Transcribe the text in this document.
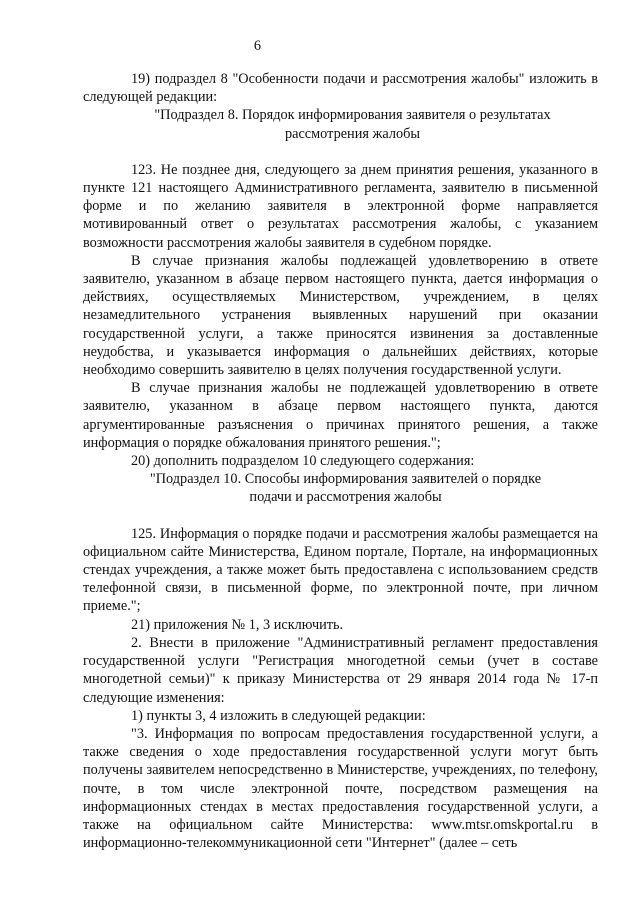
6

19) подраздел 8 "Особенности подачи и рассмотрения жалобы" изложить в следующей редакции:

"Подраздел 8. Порядок информирования заявителя о результатах

рассмотрения жалобы

123. Не позднее дня, следующего за днем принятия решения, указанного в пункте 121 настоящего Административного регламента, заявителю в письменной форме и по желанию заявителя в электронной форме направляется мотивированный ответ о результатах рассмотрения жалобы, с указанием возможности рассмотрения жалобы заявителя в судебном порядке.

В случае признания жалобы подлежащей удовлетворению в ответе заявителю, указанном в абзаце первом настоящего пункта, дается информация о действиях, осуществляемых Министерством, учреждением, в целях незамедлительного устранения выявленных нарушений при оказании государственной услуги, а также приносятся извинения за доставленные неудобства, и указывается информация о дальнейших действиях, которые необходимо совершить заявителю в целях получения государственной услуги.

В случае признания жалобы не подлежащей удовлетворению в ответе заявителю, указанном в абзаце первом настоящего пункта, даются аргументированные разъяснения о причинах принятого решения, а также информация о порядке обжалования принятого решения.";

20) дополнить подразделом 10 следующего содержания:

"Подраздел 10. Способы информирования заявителей о порядке

подачи и рассмотрения жалобы

125. Информация о порядке подачи и рассмотрения жалобы размещается на официальном сайте Министерства, Едином портале, Портале, на информационных стендах учреждения, а также может быть предоставлена с использованием средств телефонной связи, в письменной форме, по электронной почте, при личном приеме.";

21) приложения № 1, 3 исключить.

2. Внести в приложение "Административный регламент предоставления государственной услуги "Регистрация многодетной семьи (учет в составе многодетной семьи)" к приказу Министерства от 29 января 2014 года № 17-п следующие изменения:

1) пункты 3, 4 изложить в следующей редакции:

"3. Информация по вопросам предоставления государственной услуги, а также сведения о ходе предоставления государственной услуги могут быть получены заявителем непосредственно в Министерстве, учреждениях, по телефону, почте, в том числе электронной почте, посредством размещения на информационных стендах в местах предоставления государственной услуги, а также на официальном сайте Министерства: www.mtsr.omskportal.ru в информационно-телекоммуникационной сети "Интернет" (далее – сеть
